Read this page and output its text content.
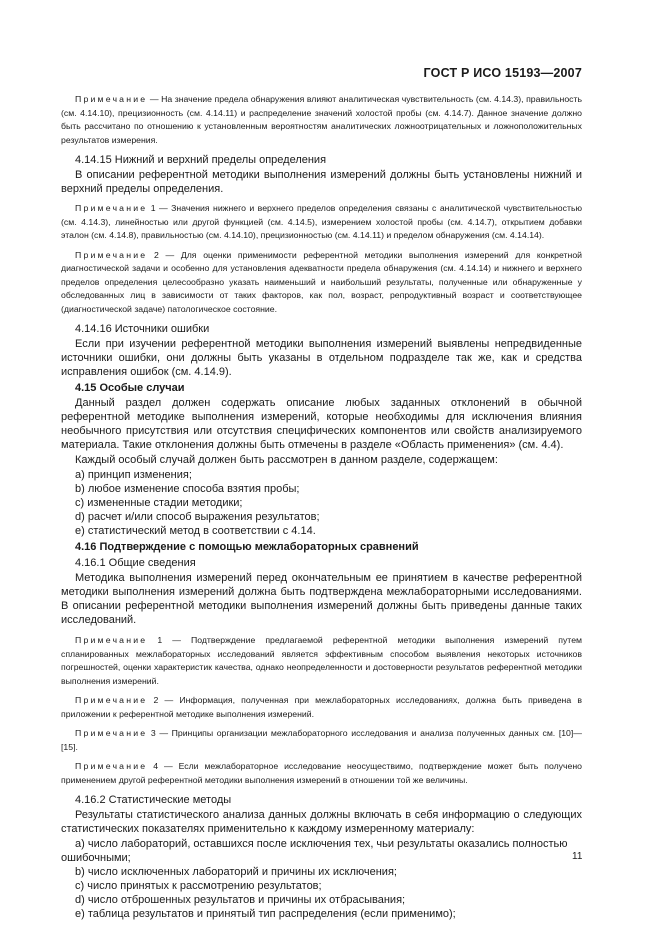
ГОСТ Р ИСО 15193—2007

Примечание — На значение предела обнаружения влияют аналитическая чувствительность (см. 4.14.3), правильность (см. 4.14.10), прецизионность (см. 4.14.11) и распределение значений холостой пробы (см. 4.14.7). Данное значение должно быть рассчитано по отношению к установленным вероятностям аналитических ложноотрицательных и ложноположительных результатов измерения.

4.14.15 Нижний и верхний пределы определения

В описании референтной методики выполнения измерений должны быть установлены нижний и верхний пределы определения.

Примечание 1 — Значения нижнего и верхнего пределов определения связаны с аналитической чувствительностью (см. 4.14.3), линейностью или другой функцией (см. 4.14.5), измерением холостой пробы (см. 4.14.7), открытием добавки эталон (см. 4.14.8), правильностью (см. 4.14.10), прецизионностью (см. 4.14.11) и пределом обнаружения (см. 4.14.14).

Примечание 2 — Для оценки применимости референтной методики выполнения измерений для конкретной диагностической задачи и особенно для установления адекватности предела обнаружения (см. 4.14.14) и нижнего и верхнего пределов определения целесообразно указать наименьший и наибольший результаты, полученные или обнаруженные у обследованных лиц в зависимости от таких факторов, как пол, возраст, репродуктивный возраст и соответствующее (диагностической задаче) патологическое состояние.

4.14.16 Источники ошибки

Если при изучении референтной методики выполнения измерений выявлены непредвиденные источники ошибки, они должны быть указаны в отдельном подразделе так же, как и средства исправления ошибок (см. 4.14.9).

4.15 Особые случаи

Данный раздел должен содержать описание любых заданных отклонений в обычной референтной методике выполнения измерений, которые необходимы для исключения влияния необычного присутствия или отсутствия специфических компонентов или свойств анализируемого материала. Такие отклонения должны быть отмечены в разделе «Область применения» (см. 4.4).

Каждый особый случай должен быть рассмотрен в данном разделе, содержащем:

a) принцип изменения;
b) любое изменение способа взятия пробы;
c) измененные стадии методики;
d) расчет и/или способ выражения результатов;
e) статистический метод в соответствии с 4.14.
4.16 Подтверждение с помощью межлабораторных сравнений
4.16.1 Общие сведения

Методика выполнения измерений перед окончательным ее принятием в качестве референтной методики выполнения измерений должна быть подтверждена межлабораторными исследованиями. В описании референтной методики выполнения измерений должны быть приведены данные таких исследований.

Примечание 1 — Подтверждение предлагаемой референтной методики выполнения измерений путем спланированных межлабораторных исследований является эффективным способом выявления некоторых источников погрешностей, оценки характеристик качества, однако неопределенности и достоверности результатов референтной методики выполнения измерений.

Примечание 2 — Информация, полученная при межлабораторных исследованиях, должна быть приведена в приложении к референтной методике выполнения измерений.

Примечание 3 — Принципы организации межлабораторного исследования и анализа полученных данных см. [10]—[15].

Примечание 4 — Если межлабораторное исследование неосуществимо, подтверждение может быть получено применением другой референтной методики выполнения измерений в отношении той же величины.

4.16.2 Статистические методы

Результаты статистического анализа данных должны включать в себя информацию о следующих статистических показателях применительно к каждому измеренному материалу:

a) число лабораторий, оставшихся после исключения тех, чьи результаты оказались полностью ошибочными;
b) число исключенных лабораторий и причины их исключения;
c) число принятых к рассмотрению результатов;
d) число отброшенных результатов и причины их отбрасывания;
e) таблица результатов и принятый тип распределения (если применимо);
11
